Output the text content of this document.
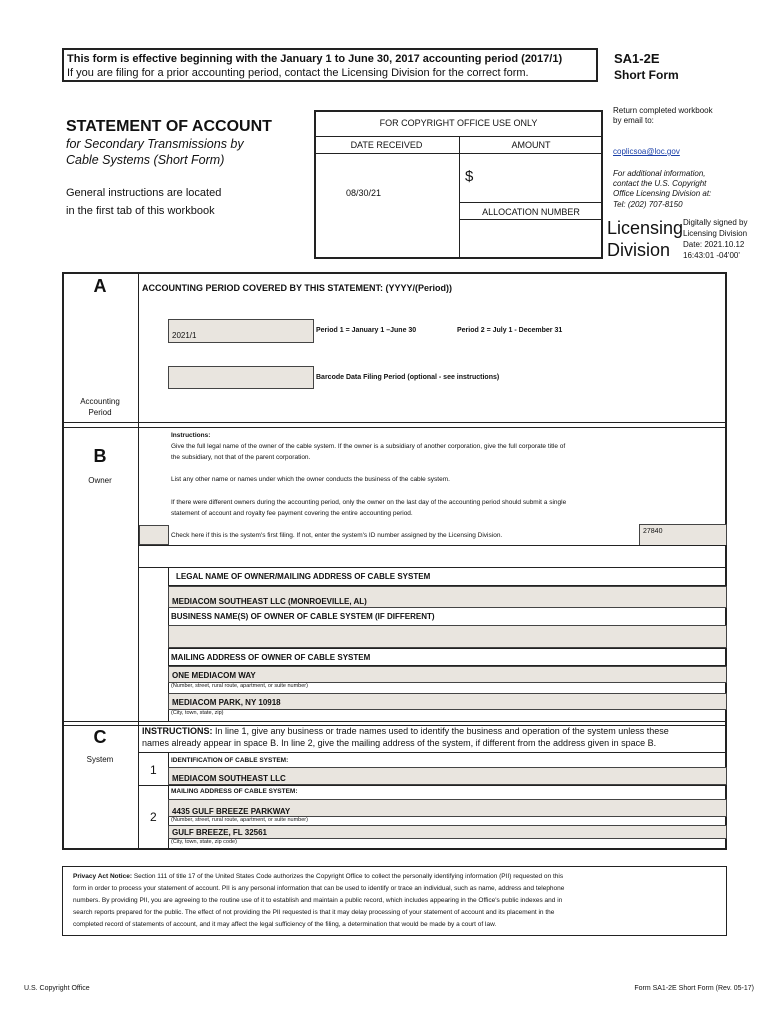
This form is effective beginning with the January 1 to June 30, 2017 accounting period (2017/1)
If you are filing for a prior accounting period, contact the Licensing Division for the correct form.
SA1-2E
Short Form
STATEMENT OF ACCOUNT
for Secondary Transmissions by
Cable Systems (Short Form)
General instructions are located
in the first tab of this workbook
FOR COPYRIGHT OFFICE USE ONLY
DATE RECEIVED	AMOUNT
08/30/21
$
ALLOCATION NUMBER
Return completed workbook
by email to:
coplicsoa@loc.gov
For additional information,
contact the U.S. Copyright
Office Licensing Division at:
Tel: (202) 707-8150
Licensing
Division
Digitally signed by
Licensing Division
Date: 2021.10.12
16:43:01 -04'00'
A
Accounting
Period
ACCOUNTING PERIOD COVERED BY THIS STATEMENT: (YYYY/(Period))
2021/1
Period 1 = January 1 –June 30	Period 2 = July 1 - December 31
Barcode Data Filing Period (optional - see instructions)
B
Owner
Instructions:
Give the full legal name of the owner of the cable system. If the owner is a subsidiary of another corporation, give the full corporate title of
the subsidiary, not that of the parent corporation.
List any other name or names under which the owner conducts the business of the cable system.
If there were different owners during the accounting period, only the owner on the last day of the accounting period should submit a single
statement of account and royalty fee payment covering the entire accounting period.
Check here if this is the system's first filing. If not, enter the system's ID number assigned by the Licensing Division.
27840
LEGAL NAME OF OWNER/MAILING ADDRESS OF CABLE SYSTEM
MEDIACOM SOUTHEAST LLC (MONROEVILLE, AL)
BUSINESS NAME(S) OF OWNER OF CABLE SYSTEM (IF DIFFERENT)
MAILING ADDRESS OF OWNER OF CABLE SYSTEM
ONE MEDIACOM WAY
(Number, street, rural route, apartment, or suite number)
MEDIACOM PARK, NY 10918
(City, town, state, zip)
C
System
INSTRUCTIONS: In line 1, give any business or trade names used to identify the business and operation of the system unless these
names already appear in space B. In line 2, give the mailing address of the system, if different from the address given in space B.
1
IDENTIFICATION OF CABLE SYSTEM:
MEDIACOM SOUTHEAST LLC
MAILING ADDRESS OF CABLE SYSTEM:
2 4435 GULF BREEZE PARKWAY
(Number, street, rural route, apartment, or suite number)
GULF BREEZE, FL 32561
(City, town, state, zip code)
Privacy Act Notice: Section 111 of title 17 of the United States Code authorizes the Copyright Office to collect the personally identifying information (PII) requested on this
form in order to process your statement of account. PII is any personal information that can be used to identify or trace an individual, such as name, address and telephone
numbers. By providing PII, you are agreeing to the routine use of it to establish and maintain a public record, which includes appearing in the Office's public indexes and in
search reports prepared for the public. The effect of not providing the PII requested is that it may delay processing of your statement of account and its placement in the
completed record of statements of account, and it may affect the legal sufficiency of the filing, a determination that would be made by a court of law.
U.S. Copyright Office	Form SA1-2E Short Form (Rev. 05-17)
